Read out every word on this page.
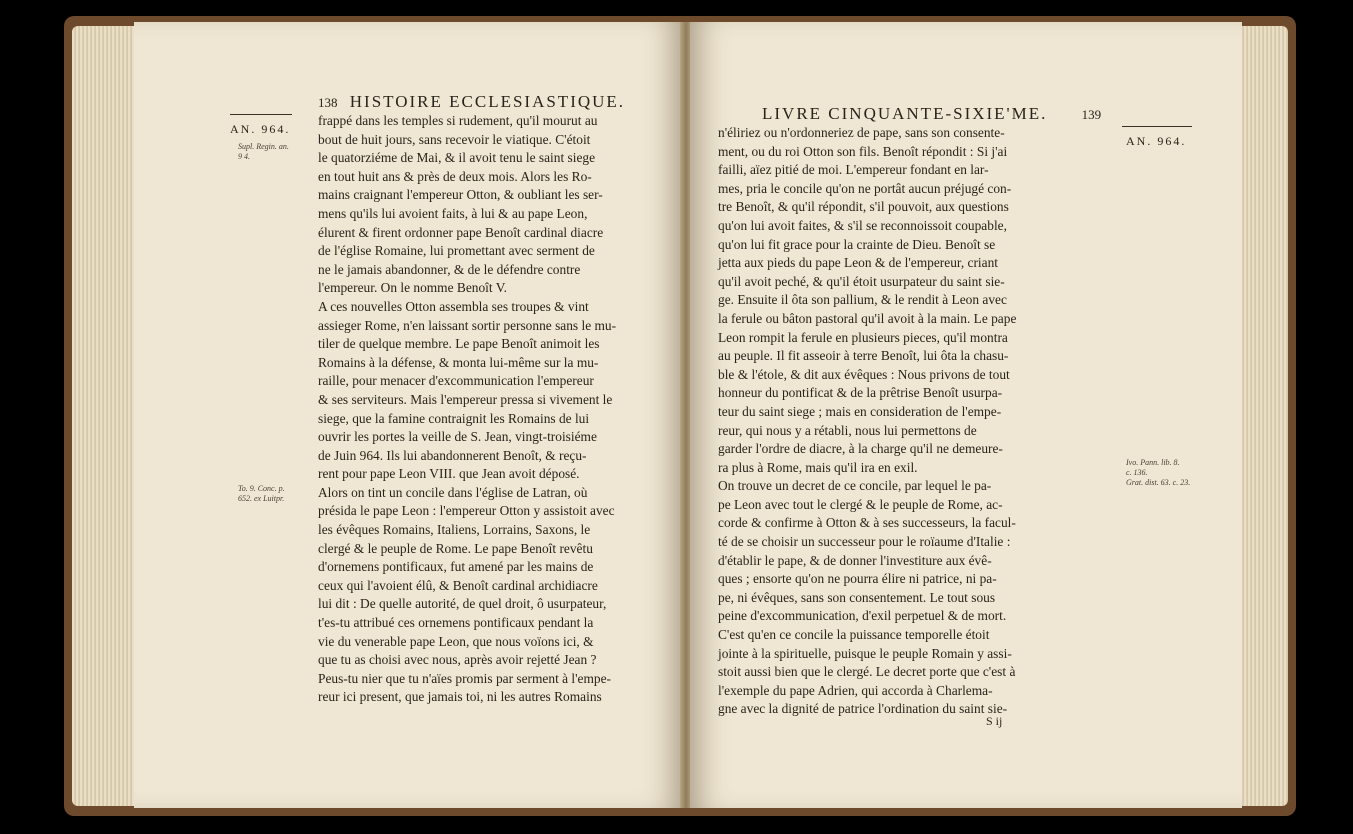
138 HISTOIRE ECCLESIASTIQUE.
AN. 964.
Supl. Regin. an.
9 4.
To. 9. Conc. p.
652. ex Luitpr.
frappé dans les temples si rudement, qu'il mourut au
bout de huit jours, sans recevoir le viatique. C'étoit
le quatorziéme de Mai, & il avoit tenu le saint siege
en tout huit ans & près de deux mois. Alors les Ro-
mains craignant l'empereur Otton, & oubliant les ser-
mens qu'ils lui avoient faits, à lui & au pape Leon,
élurent & firent ordonner pape Benoît cardinal diacre
de l'église Romaine, lui promettant avec serment de
ne le jamais abandonner, & de le défendre contre
l'empereur. On le nomme Benoît V.
A ces nouvelles Otton assembla ses troupes & vint
assieger Rome, n'en laissant sortir personne sans le mu-
tiler de quelque membre. Le pape Benoît animoit les
Romains à la défense, & monta lui-même sur la mu-
raille, pour menacer d'excommunication l'empereur
& ses serviteurs. Mais l'empereur pressa si vivement le
siege, que la famine contraignit les Romains de lui
ouvrir les portes la veille de S. Jean, vingt-troisiéme
de Juin 964. Ils lui abandonnerent Benoît, & reçu-
rent pour pape Leon VIII. que Jean avoit déposé.
Alors on tint un concile dans l'église de Latran, où
présida le pape Leon : l'empereur Otton y assistoit avec
les évêques Romains, Italiens, Lorrains, Saxons, le
clergé & le peuple de Rome. Le pape Benoît revêtu
d'ornemens pontificaux, fut amené par les mains de
ceux qui l'avoient élû, & Benoît cardinal archidiacre
lui dit : De quelle autorité, de quel droit, ô usurpateur,
t'es-tu attribué ces ornemens pontificaux pendant la
vie du venerable pape Leon, que nous voïons ici, &
que tu as choisi avec nous, après avoir rejetté Jean ?
Peus-tu nier que tu n'aïes promis par serment à l'empe-
reur ici present, que jamais toi, ni les autres Romains
LIVRE CINQUANTE-SIXIE'ME.	139
AN. 964.
Ivo. Pann. lib. 8.
c. 136.
Grat. dist. 63. c. 23.
n'éliriez ou n'ordonneriez de pape, sans son consente-
ment, ou du roi Otton son fils. Benoît répondit : Si j'ai
failli, aïez pitié de moi. L'empereur fondant en lar-
mes, pria le concile qu'on ne portât aucun préjugé con-
tre Benoît, & qu'il répondit, s'il pouvoit, aux questions
qu'on lui avoit faites, & s'il se reconnoissoit coupable,
qu'on lui fit grace pour la crainte de Dieu. Benoît se
jetta aux pieds du pape Leon & de l'empereur, criant
qu'il avoit peché, & qu'il étoit usurpateur du saint sie-
ge. Ensuite il ôta son pallium, & le rendit à Leon avec
la ferule ou bâton pastoral qu'il avoit à la main. Le pape
Leon rompit la ferule en plusieurs pieces, qu'il montra
au peuple. Il fit asseoir à terre Benoît, lui ôta la chasu-
ble & l'étole, & dit aux évêques : Nous privons de tout
honneur du pontificat & de la prêtrise Benoît usurpa-
teur du saint siege ; mais en consideration de l'empe-
reur, qui nous y a rétabli, nous lui permettons de
garder l'ordre de diacre, à la charge qu'il ne demeure-
ra plus à Rome, mais qu'il ira en exil.
On trouve un decret de ce concile, par lequel le pa-
pe Leon avec tout le clergé & le peuple de Rome, ac-
corde & confirme à Otton & à ses successeurs, la facul-
té de se choisir un successeur pour le roïaume d'Italie :
d'établir le pape, & de donner l'investiture aux évê-
ques ; ensorte qu'on ne pourra élire ni patrice, ni pa-
pe, ni évêques, sans son consentement. Le tout sous
peine d'excommunication, d'exil perpetuel & de mort.
C'est qu'en ce concile la puissance temporelle étoit
jointe à la spirituelle, puisque le peuple Romain y assi-
stoit aussi bien que le clergé. Le decret porte que c'est à
l'exemple du pape Adrien, qui accorda à Charlema-
gne avec la dignité de patrice l'ordination du saint sie-
S ij
